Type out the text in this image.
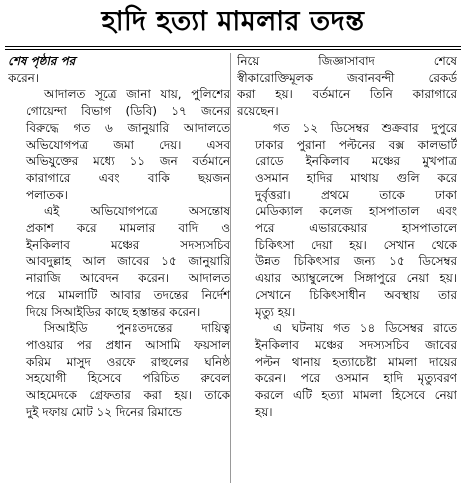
হাদি হত্যা মামলার তদন্ত
শেষ পৃষ্ঠার পর

করেন।

আদালত সূত্রে জানা যায়, পুলিশের
গোয়েন্দা বিভাগ (ডিবি) ১৭ জনের
বিরুদ্ধে গত ৬ জানুয়ারি আদালতে
অভিযোগপত্র জমা দেয়। এসব
অভিযুক্তের মধ্যে ১১ জন বর্তমানে
কারাগারে এবং বাকি ছয়জন
পলাতক।

এই অভিযোগপত্রে অসন্তোষ
প্রকাশ করে মামলার বাদি ও
ইনকিলাব মঞ্চের সদস্যসচিব
আবদুল্লাহ আল জাবের ১৫ জানুয়ারি
নারাজি আবেদন করেন। আদালত
পরে মামলাটি আবার তদন্তের নির্দেশ
দিয়ে সিআইডির কাছে হস্তান্তর করেন।

সিআইডি পুনঃতদন্তের দায়িত্ব
পাওয়ার পর প্রধান আসামি ফয়সাল
করিম মাসুদ ওরফে রাহুলের ঘনিষ্ঠ
সহযোগী হিসেবে পরিচিত রুবেল
আহমেদকে গ্রেফতার করা হয়। তাকে
দুই দফায় মোট ১২ দিনের রিমান্ডে

নিয়ে জিজ্ঞাসাবাদ শেষে
স্বীকারোক্তিমূলক জবানবন্দী রেকর্ড
করা হয়। বর্তমানে তিনি কারাগারে
রয়েছেন।

গত ১২ ডিসেম্বর শুক্রবার দুপুরে
ঢাকার পুরানা পল্টনের বক্স কালভার্ট
রোডে ইনকিলাব মঞ্চের মুখপাত্র
ওসমান হাদির মাথায় গুলি করে
দুর্বৃত্তরা। প্রথমে তাকে ঢাকা
মেডিক্যাল কলেজ হাসপাতাল এবং
পরে এভারকেয়ার হাসপাতালে
চিকিৎসা দেয়া হয়। সেখান থেকে
উন্নত চিকিৎসার জন্য ১৫ ডিসেম্বর
এয়ার অ্যাম্বুলেন্সে সিঙ্গাপুরে নেয়া হয়।
সেখানে চিকিৎসাধীন অবস্থায় তার
মৃত্যু হয়।

এ ঘটনায় গত ১৪ ডিসেম্বর রাতে
ইনকিলাব মঞ্চের সদস্যসচিব জাবের
পল্টন থানায় হত্যাচেষ্টা মামলা দায়ের
করেন। পরে ওসমান হাদি মৃত্যুবরণ
করলে এটি হত্যা মামলা হিসেবে নেয়া
হয়।
